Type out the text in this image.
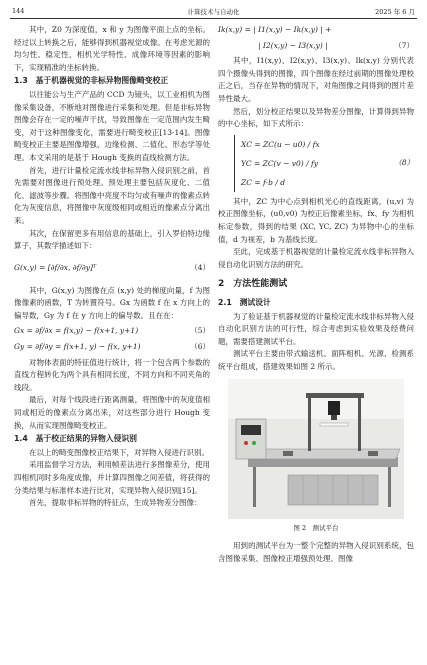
144	计算技术与自动化	2025 年 6 月

其中，Z0 为深度值，x 和 y 为图像平面上点的坐标。经过以上转换之后，能够得到机器视觉成像。在考虑光源的均匀性、稳定性，相机光学特性、成像环境等因素的影响下，实现精准的坐标转换。

1.3　基于机器视觉的非标异物图像畸变校正

以往能公与生产产品的 CCD 为镜头，以工业相机为图像采集设备，不断地对图像进行采集和处理。但是非标异物图像会存在一定的噪声干扰，导致图像在一定范围内发生畸变，对于这种图像变化，需要进行畸变校正[13-14]。图像畸变校正主要是图像增强、边缘检测、二值化、形态学等处理。本文采用的是基于 Hough 变换的直线检测方法。

首先，进行计量检定流水线非标异物入侵识别之前，首先需要对图像进行预处理。预处理主要包括灰度化、二值化、滤波等步骤。将图像中亮度不均匀或有噪声的像素点转化为灰度信息，将图像中灰度级相同或相近的像素点分离出来。

其次，在保留更多有用信息的基础上，引入罗伯特边缘算子，其数学描述如下：

G(x,y) = [∂f/∂x, ∂f/∂y]ᵀ	（4）

其中，G(x,y) 为图像在点 (x,y) 处的梯度向量，f 为图像像素的函数，T 为转置符号。Gx 为函数 f 在 x 方向上的偏导数，Gy 为 f 在 y 方向上的偏导数。且在在：

Gx = ∂f/∂x = f(x,y) − f(x+1, y+1)	（5）
Gy = ∂f/∂y = f(x+1, y) − f(x, y+1)	（6）

对物体表面的特征值进行统计，将一个包含两个参数的直线方程转化为两个具有相同长度，不同方向和不同夹角的线段。

最后，对每个线段进行距离测量，将图像中的灰度值相同或相近的像素点分离出来，对这些部分进行 Hough 变换，从而实现图像畸变校正。

1.4　基于校正结果的异物入侵识别

在以上的畸变图像校正结果下，对异物入侵进行识别。

采用监督学习方法，利用帧差法进行多图像差分，使用四相机同时多角度成像，并计算四图像之间差值，将获得的分类结果与标准样本进行比对，实现异物入侵识别[15]。

首先，提取非标异物的特征点，生成异物差分图像：

Ik(x,y) = | I1(x,y) − Ik(x,y) | +
| I2(x,y) − I3(x,y) |	（7）

其中，I1(x,y)、I2(x,y)、I3(x,y)、Ik(x,y) 分别代表四个摄像头得到的图像，四个图像在经过前期的图像处理校正之后，当存在异物的情况下，对角图像之间得到的图片差异性最大。

然后，划分校正结果以及异物差分图像，计算得到异物的中心坐标，如下式所示：

XC = ZC(u − u0) / fx
YC = ZC(v − v0) / fy
ZC = f·b / d
（8）

其中，ZC 为中心点到相机光心的直线距离，(u,v) 为校正图像坐标，(u0,v0) 为校正后像素坐标，fx、fy 为相机标定参数，得到的结果 (XC, YC, ZC) 为异物中心的坐标值，d 为视差，b 为基线长度。

至此，完成基于机器视觉的计量检定流水线非标异物入侵自动化识别方法的研究。

2　方法性能测试
2.1　测试设计

为了验证基于机器视觉的计量检定流水线非标异物入侵自动化识别方法的可行性，综合考虑到实验效果及经费问题，需要搭建测试平台。

测试平台主要由带式输送机、面阵相机、光源、检测系统平台组成，搭建效果如图 2 所示。

图 2　测试平台

用到的测试平台为一整个完整的异物入侵识别系统，包含图像采集、图像校正增强预处理、图像
